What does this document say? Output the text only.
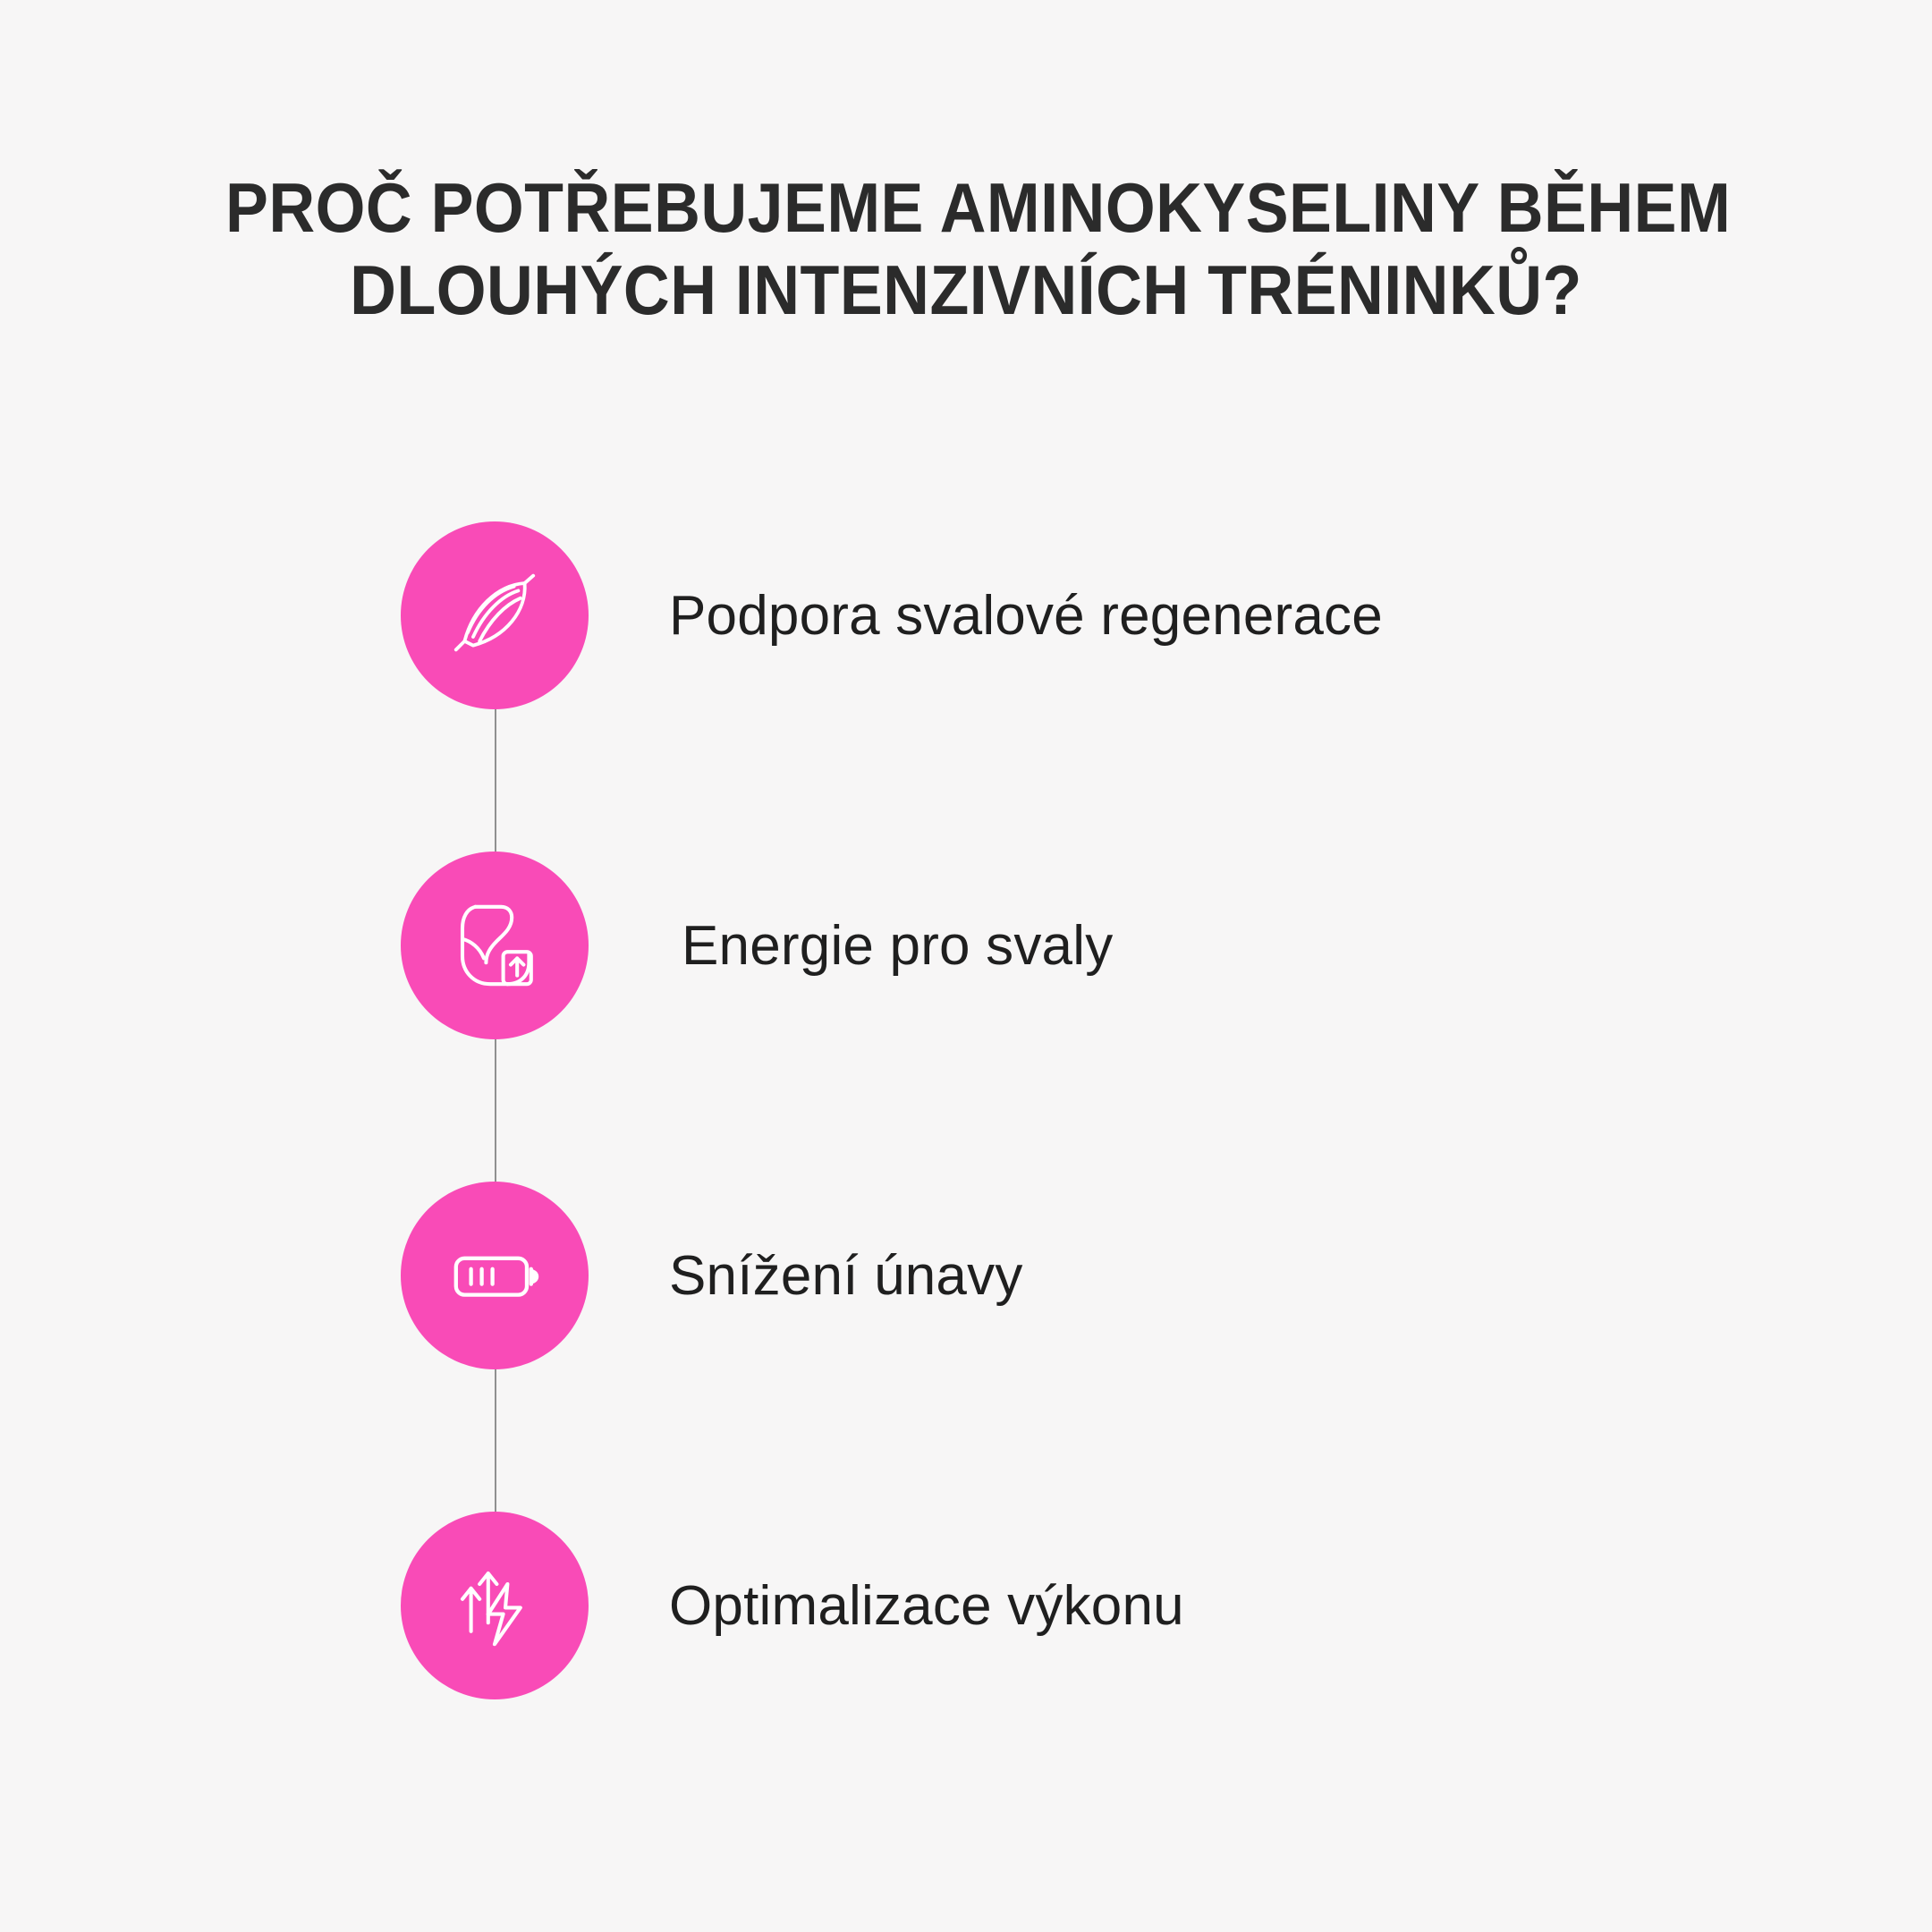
PROČ POTŘEBUJEME AMINOKYSELINY BĚHEM
DLOUHÝCH INTENZIVNÍCH TRÉNINKŮ?
Podpora svalové regenerace
Energie pro svaly
Snížení únavy
Optimalizace výkonu
